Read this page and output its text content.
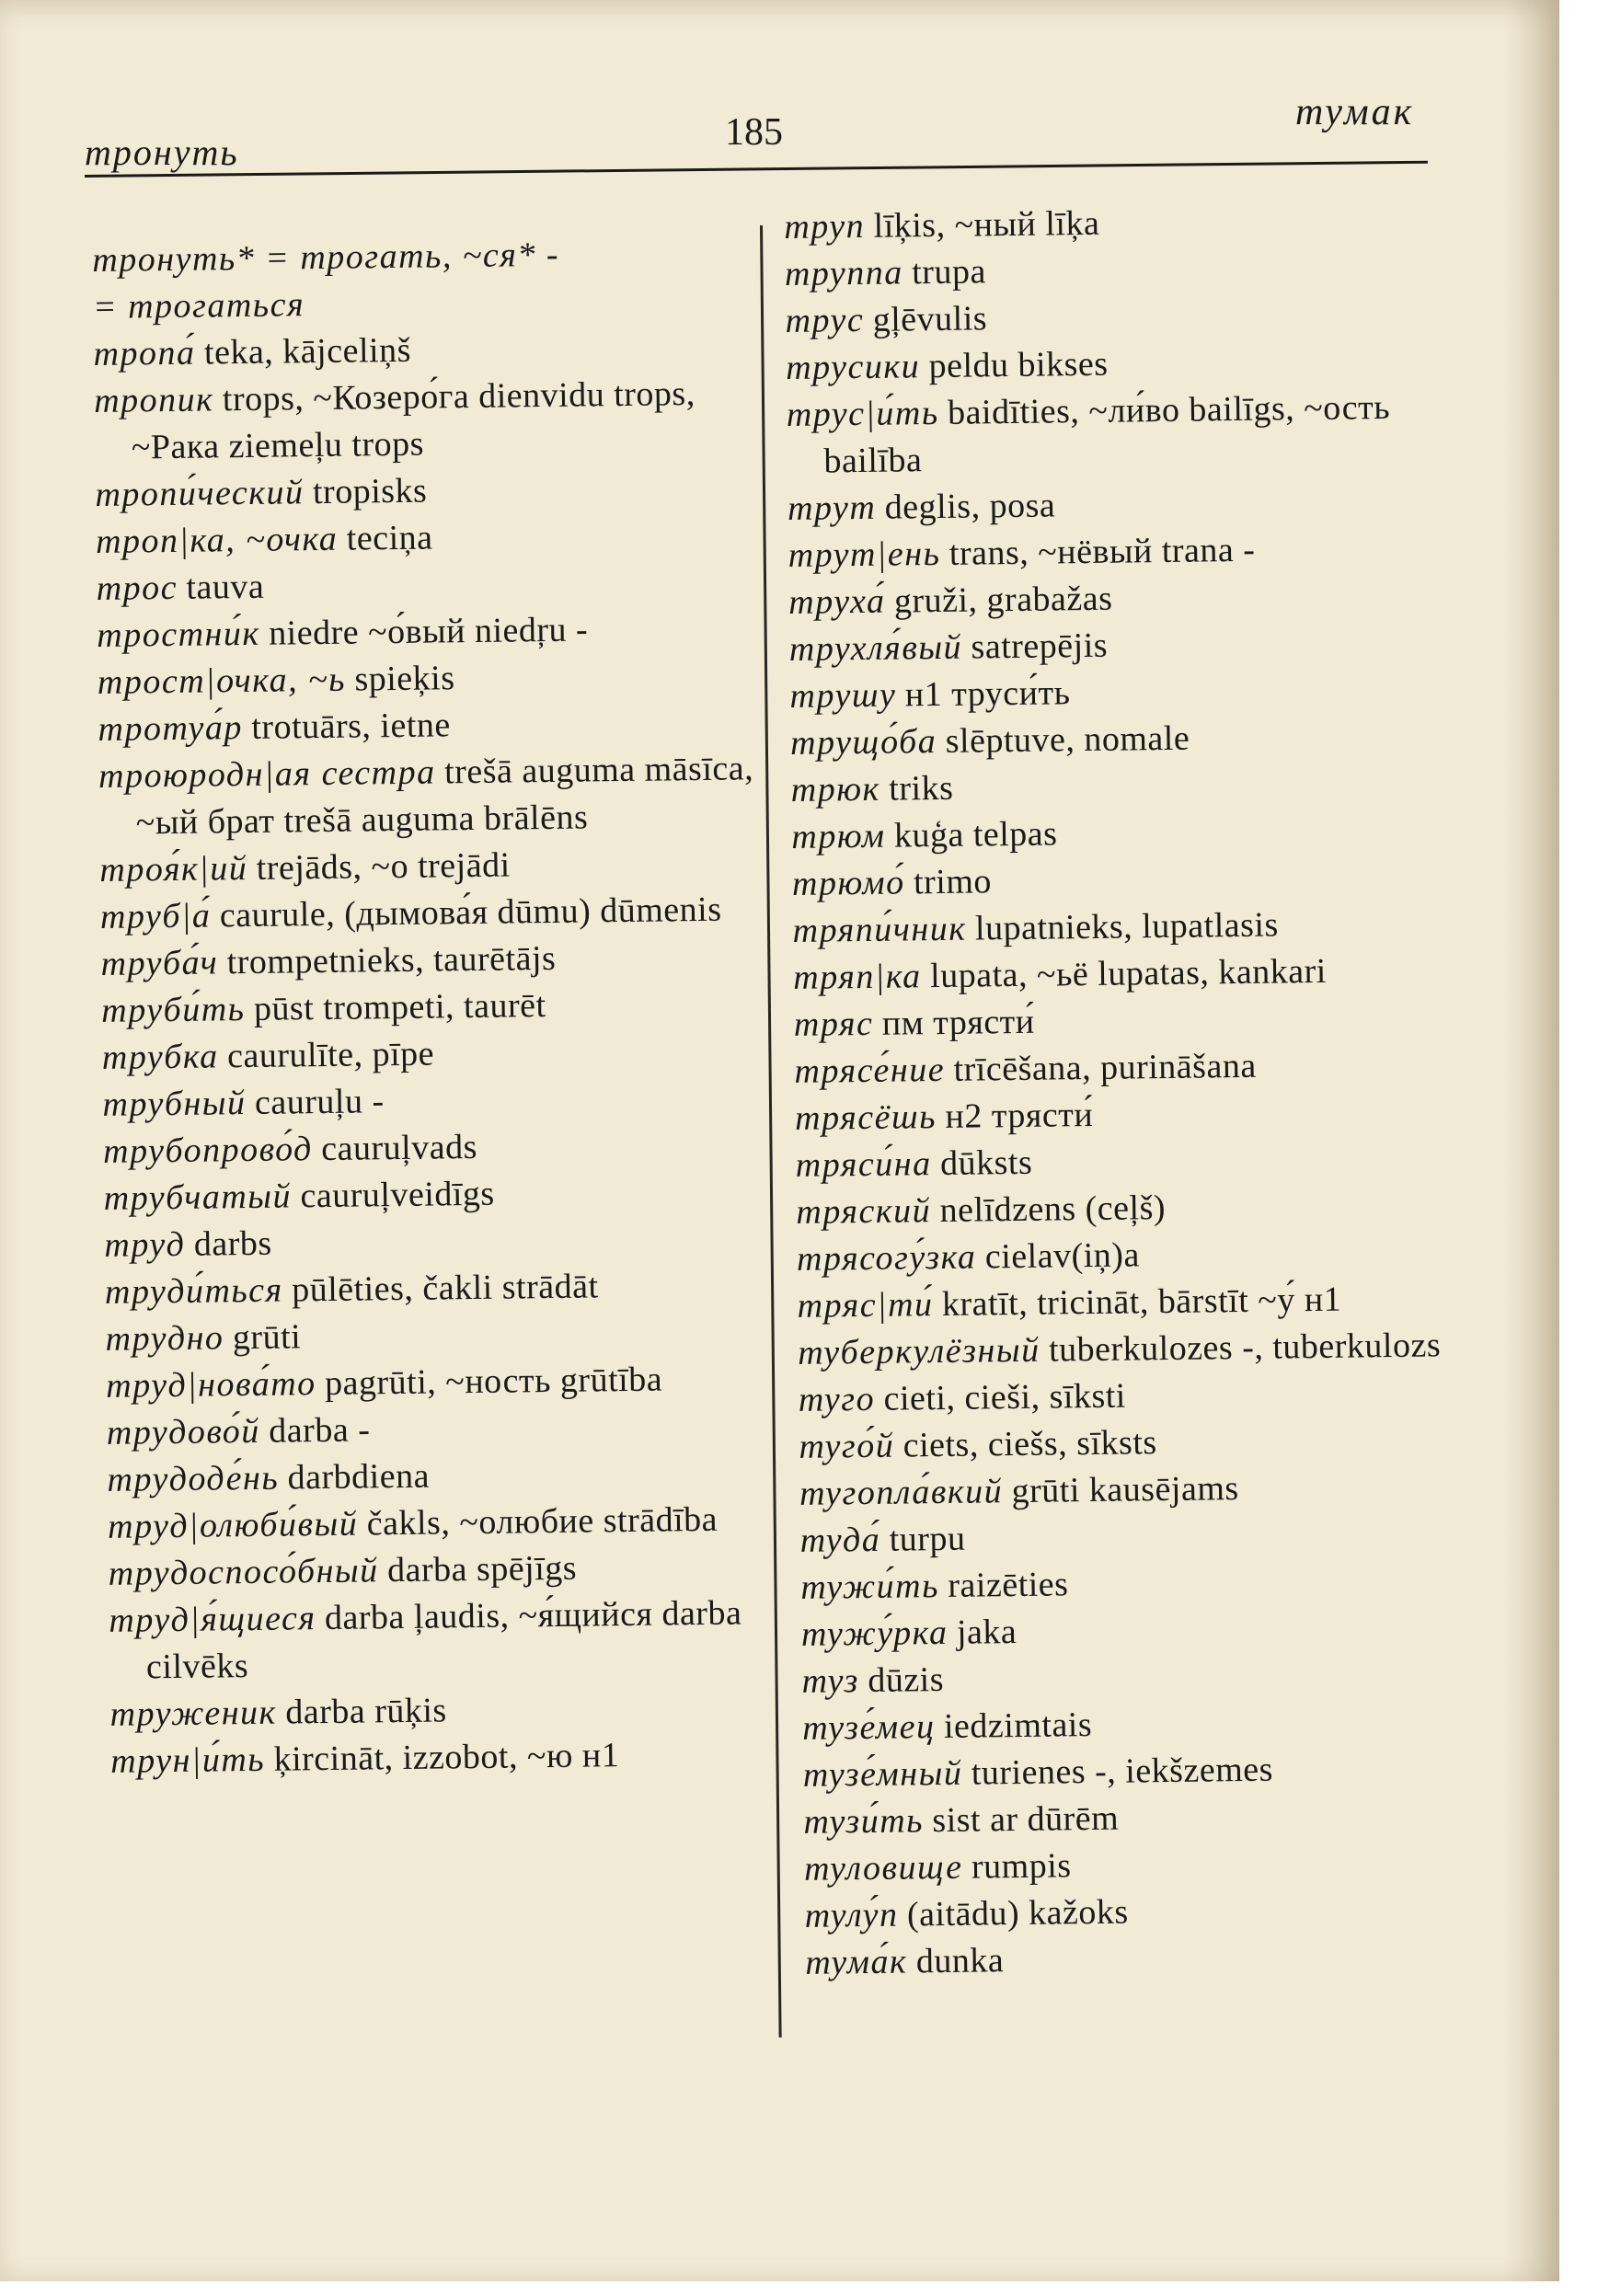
тронуть	185	тумак

тронуть* = трогать, ~ся* -

= трогаться

тропа́ teka, kājceliņš

тропик trops, ~Козеро́га dienvidu trops, ~Рака ziemeļu trops

тропи́ческий tropisks

троп|ка, ~очка teciņa

трос tauva

тростни́к niedre ~о́вый niedŗu -

трост|очка, ~ь spieķis

тротуа́р trotuārs, ietne

троюродн|ая сестра trešā auguma māsīca, ~ый брат trešā auguma brālēns

троя́к|ий trejāds, ~о trejādi

труб|а́ caurule, (дымова́я dūmu) dūmenis

труба́ч trompetnieks, taurētājs

труби́ть pūst trompeti, taurēt

трубка caurulīte, pīpe

трубный cauruļu -

трубопрово́д cauruļvads

трубчатый cauruļveidīgs

труд darbs

труди́ться pūlēties, čakli strādāt

трудно grūti

труд|нова́то pagrūti, ~ность grūtība

трудово́й darba -

трудоде́нь darbdiena

труд|олюби́вый čakls, ~олюбие strādība

трудоспосо́бный darba spējīgs

труд|я́щиеся darba ļaudis, ~я́щийся darba cilvēks

труженик darba rūķis

трун|и́ть ķircināt, izzobot, ~ю н1

труп līķis, ~ный līķa

труппа trupa

трус gļēvulis

трусики peldu bikses

трус|и́ть baidīties, ~ли́во bailīgs, ~ость bailība

трут deglis, posa

трут|ень trans, ~нёвый trana -

труха́ gruži, grabažas

трухля́вый satrepējis

трушу н1 труси́ть

трущо́ба slēptuve, nomale

трюк triks

трюм kuģa telpas

трюмо́ trimo

тряпи́чник lupatnieks, lupatlasis

тряп|ка lupata, ~ьё lupatas, kankari

тряс пм трясти́

трясе́ние trīcēšana, purināšana

трясёшь н2 трясти́

тряси́на dūksts

тряский nelīdzens (ceļš)

трясогу́зка cielav(iņ)a

тряс|ти́ kratīt, tricināt, bārstīt ~у́ н1

туберкулёзный tuberkulozes -, tuberkulozs

туго cieti, cieši, sīksti

туго́й ciets, ciešs, sīksts

тугопла́вкий grūti kausējams

туда́ turpu

тужи́ть raizēties

тужу́рка jaka

туз dūzis

тузе́мец iedzimtais

тузе́мный turienes -, iekšzemes

тузи́ть sist ar dūrēm

туловище rumpis

тулу́п (aitādu) kažoks

тума́к dunka
